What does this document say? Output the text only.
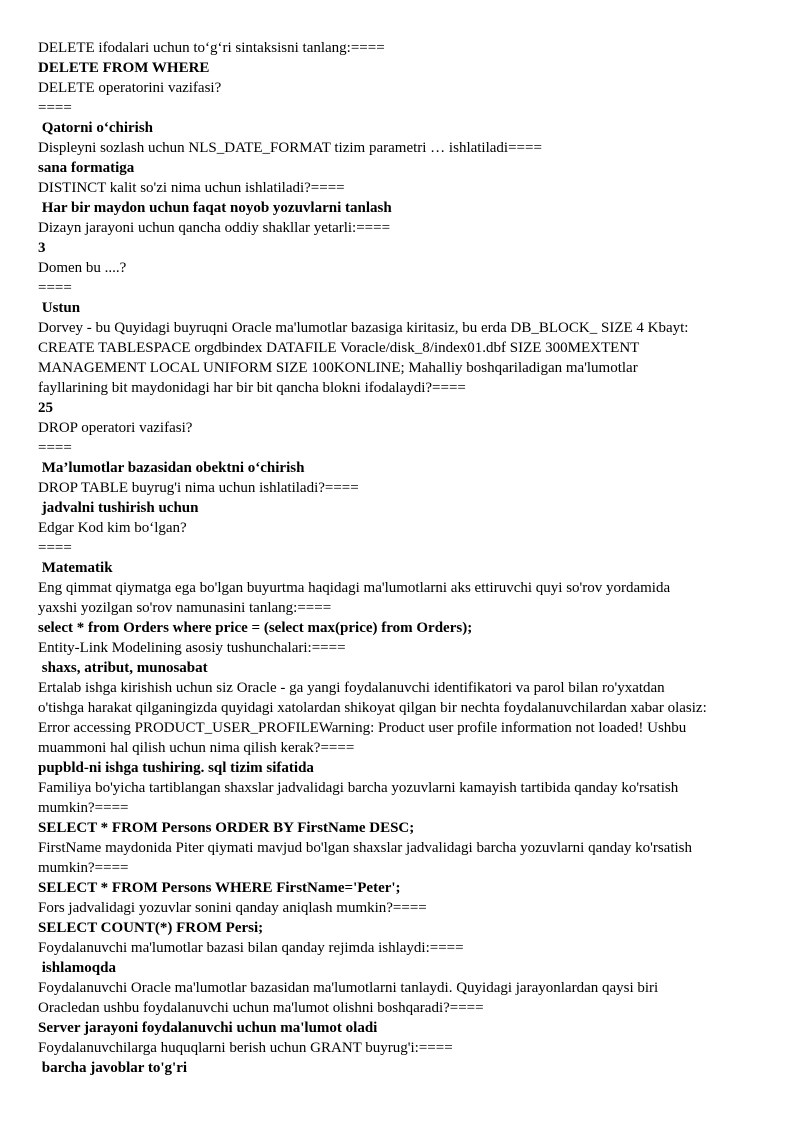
DELETE ifodalari uchun to‘g‘ri sintaksisni tanlang:====

DELETE FROM WHERE

DELETE operatorini vazifasi?

====

Qatorni o‘chirish

Displeyni sozlash uchun NLS_DATE_FORMAT tizim parametri … ishlatiladi====

sana formatiga

DISTINCT kalit so'zi nima uchun ishlatiladi?====

Har bir maydon uchun faqat noyob yozuvlarni tanlash

Dizayn jarayoni uchun qancha oddiy shakllar yetarli:====

3

Domen bu ....?

====

Ustun

Dorvey - bu Quyidagi buyruqni Oracle ma'lumotlar bazasiga kiritasiz, bu erda DB_BLOCK_ SIZE 4 Kbayt:

CREATE TABLESPACE orgdbindex DATAFILE Voracle/disk_8/index01.dbf SIZE 300MEXTENT

MANAGEMENT LOCAL UNIFORM SIZE 100KONLINE; Mahalliy boshqariladigan ma'lumotlar

fayllarining bit maydonidagi har bir bit qancha blokni ifodalaydi?====

25

DROP operatori vazifasi?

====

Ma’lumotlar bazasidan obektni o‘chirish

DROP TABLE buyrug'i nima uchun ishlatiladi?====

jadvalni tushirish uchun

Edgar Kod kim bo‘lgan?

====

Matematik

Eng qimmat qiymatga ega bo'lgan buyurtma haqidagi ma'lumotlarni aks ettiruvchi quyi so'rov yordamida

yaxshi yozilgan so'rov namunasini tanlang:====

select * from Orders where price = (select max(price) from Orders);

Entity-Link Modelining asosiy tushunchalari:====

shaxs, atribut, munosabat

Ertalab ishga kirishish uchun siz Oracle - ga yangi foydalanuvchi identifikatori va parol bilan ro'yxatdan

o'tishga harakat qilganingizda quyidagi xatolardan shikoyat qilgan bir nechta foydalanuvchilardan xabar olasiz:

Error accessing PRODUCT_USER_PROFILEWarning: Product user profile information not loaded! Ushbu

muammoni hal qilish uchun nima qilish kerak?====

pupbld-ni ishga tushiring. sql tizim sifatida

Familiya bo'yicha tartiblangan shaxslar jadvalidagi barcha yozuvlarni kamayish tartibida qanday ko'rsatish

mumkin?====

SELECT * FROM Persons ORDER BY FirstName DESC;

FirstName maydonida Piter qiymati mavjud bo'lgan shaxslar jadvalidagi barcha yozuvlarni qanday ko'rsatish

mumkin?====

SELECT * FROM Persons WHERE FirstName='Peter';

Fors jadvalidagi yozuvlar sonini qanday aniqlash mumkin?====

SELECT COUNT(*) FROM Persi;

Foydalanuvchi ma'lumotlar bazasi bilan qanday rejimda ishlaydi:====

ishlamoqda

Foydalanuvchi Oracle ma'lumotlar bazasidan ma'lumotlarni tanlaydi. Quyidagi jarayonlardan qaysi biri

Oracledan ushbu foydalanuvchi uchun ma'lumot olishni boshqaradi?====

Server jarayoni foydalanuvchi uchun ma'lumot oladi

Foydalanuvchilarga huquqlarni berish uchun GRANT buyrug'i:====

barcha javoblar to'g'ri
